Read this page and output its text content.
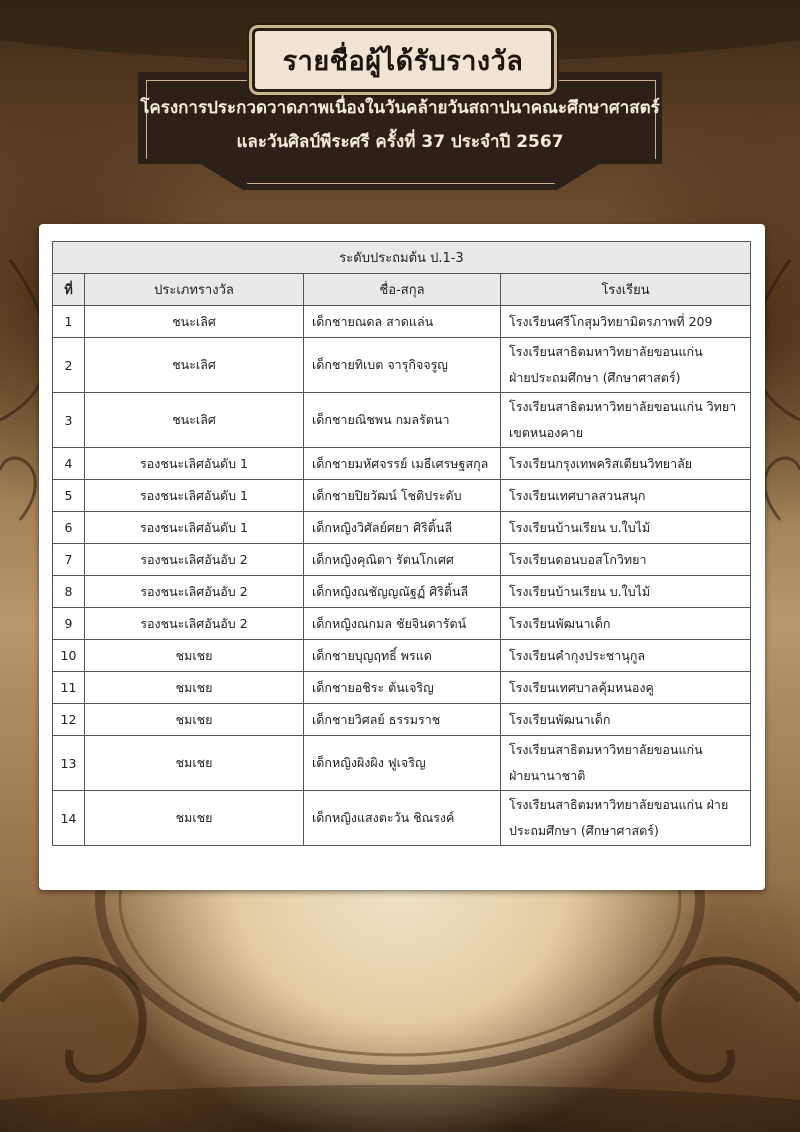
รายชื่อผู้ได้รับรางวัล
โครงการประกวดวาดภาพเนื่องในวันคล้ายวันสถาปนาคณะศึกษาศาสตร์
และวันศิลป์พีระศรี ครั้งที่ 37 ประจำปี 2567
ระดับประถมต้น ป.1-3			
ที่	ประเภทรางวัล	ชื่อ-สกุล	โรงเรียน
1	ชนะเลิศ	เด็กชายณดล สาดแล่น	โรงเรียนศรีโกสุมวิทยามิตรภาพที่ 209

2	ชนะเลิศ	เด็กชายทิเบต จารุกิจจรูญ	โรงเรียนสาธิตมหาวิทยาลัยขอนแก่น
ฝ่ายประถมศึกษา (ศึกษาศาสตร์)

3	ชนะเลิศ	เด็กชายณิชพน กมลรัตนา	โรงเรียนสาธิตมหาวิทยาลัยขอนแก่น วิทยา
เขตหนองคาย

4	รองชนะเลิศอันดับ 1	เด็กชายมหัศจรรย์ เมธีเศรษฐสกุล	โรงเรียนกรุงเทพคริสเตียนวิทยาลัย

5	รองชนะเลิศอันดับ 1	เด็กชายปิยวัฒน์ โชติประดับ	โรงเรียนเทศบาลสวนสนุก

6	รองชนะเลิศอันดับ 1	เด็กหญิงวิศัลย์ศยา ศิริติ้นลี	โรงเรียนบ้านเรียน บ.ใบไม้

7	รองชนะเลิศอันอับ 2	เด็กหญิงคุณิตา รัตนโกเศศ	โรงเรียนดอนบอสโกวิทยา

8	รองชนะเลิศอันอับ 2	เด็กหญิงณชัญญณัฐฏ์ ศิริติ้นลี	โรงเรียนบ้านเรียน บ.ใบไม้

9	รองชนะเลิศอันอับ 2	เด็กหญิงณกมล ชัยจินดารัตน์	โรงเรียนพัฒนาเด็ก

10	ชมเชย	เด็กชายบุญฤทธิ์ พรแด	โรงเรียนคำกุงประชานุกูล

11	ชมเชย	เด็กชายอชิระ ต้นเจริญ	โรงเรียนเทศบาลคุ้มหนองคู

12	ชมเชย	เด็กชายวิศลย์ ธรรมราช	โรงเรียนพัฒนาเด็ก

13	ชมเชย	เด็กหญิงผิงผิง ฟูเจริญ	โรงเรียนสาธิตมหาวิทยาลัยขอนแก่น
ฝ่ายนานาชาติ

14	ชมเชย	เด็กหญิงแสงตะวัน ชิณรงค์	โรงเรียนสาธิตมหาวิทยาลัยขอนแก่น ฝ่าย
ประถมศึกษา (ศึกษาศาสตร์)
